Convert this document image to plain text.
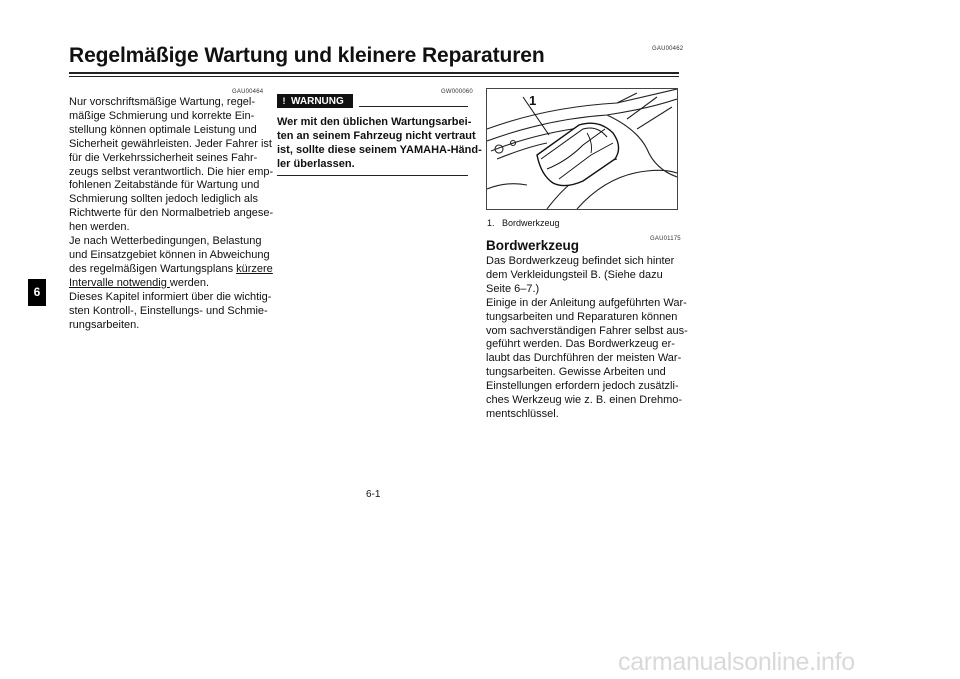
GAU00462
Regelmäßige Wartung und kleinere Reparaturen
6
GAU00464
Nur vorschriftsmäßige Wartung, regel-
mäßige Schmierung und korrekte Ein-
stellung können optimale Leistung und
Sicherheit gewährleisten. Jeder Fahrer ist
für die Verkehrssicherheit seines Fahr-
zeugs selbst verantwortlich. Die hier emp-
fohlenen Zeitabstände für Wartung und
Schmierung sollten jedoch lediglich als
Richtwerte für den Normalbetrieb angese-
hen werden.
Je nach Wetterbedingungen, Belastung
und Einsatzgebiet können in Abweichung
des regelmäßigen Wartungsplans kürzere
Intervalle notwendig werden.
Dieses Kapitel informiert über die wichtig-
sten Kontroll-, Einstellungs- und Schmie-
rungsarbeiten.
GW000060
! WARNUNG
Wer mit den üblichen Wartungsarbei-
ten an seinem Fahrzeug nicht vertraut
ist, sollte diese seinem YAMAHA-Händ-
ler überlassen.
1
1.   Bordwerkzeug
GAU01175
Bordwerkzeug
Das Bordwerkzeug befindet sich hinter
dem Verkleidungsteil B. (Siehe dazu
Seite 6–7.)
Einige in der Anleitung aufgeführten War-
tungsarbeiten und Reparaturen können
vom sachverständigen Fahrer selbst aus-
geführt werden. Das Bordwerkzeug er-
laubt das Durchführen der meisten War-
tungsarbeiten. Gewisse Arbeiten und
Einstellungen erfordern jedoch zusätzli-
ches Werkzeug wie z. B. einen Drehmo-
mentschlüssel.
6-1
carmanualsonline.info
